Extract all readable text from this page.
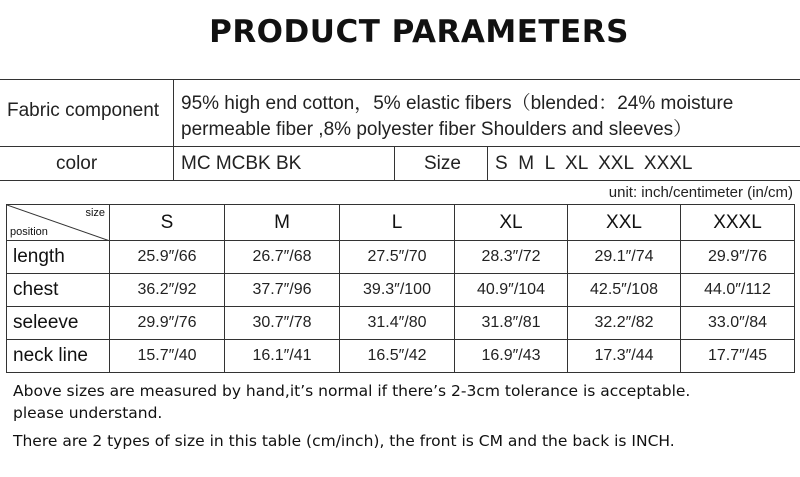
PRODUCT PARAMETERS
Fabric component 95% high end cotton，5% elastic fibers（blended：24% moisture
permeable fiber ,8% polyester fiber Shoulders and sleeves）
color	MC MCBK BK	Size S  M  L  XL  XXL  XXXL
unit: inch/centimeter (in/cm)
size
position	S	M	L	XL	XXL	XXXL
length	25.9″/66	26.7″/68	27.5″/70	28.3″/72	29.1″/74	29.9″/76
chest	36.2″/92	37.7″/96	39.3″/100	40.9″/104	42.5″/108	44.0″/112
seleeve	29.9″/76	30.7″/78	31.4″/80	31.8″/81	32.2″/82	33.0″/84
neck line	15.7″/40	16.1″/41	16.5″/42	16.9″/43	17.3″/44	17.7″/45
Above sizes are measured by hand,it’s normal if there’s 2-3cm tolerance is acceptable.
please understand.
There are 2 types of size in this table (cm/inch), the front is CM and the back is INCH.
